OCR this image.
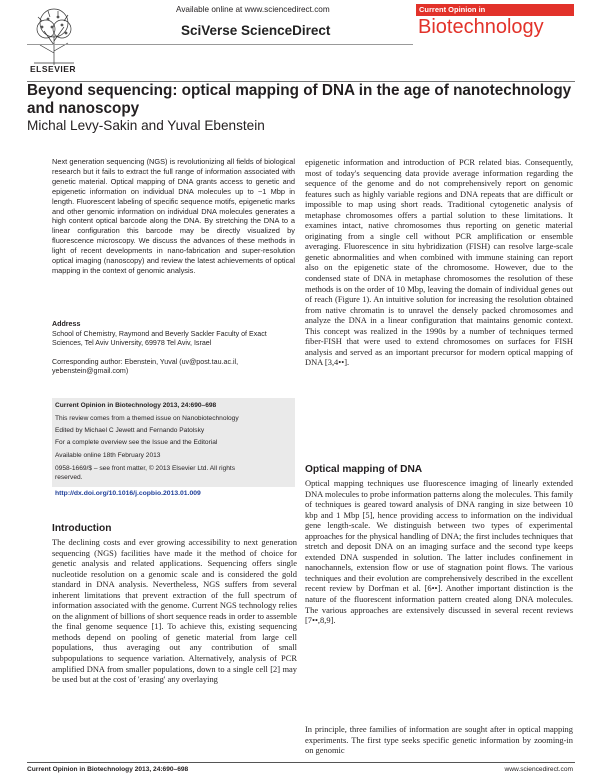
ELSEVIER
Available online at www.sciencedirect.com
SciVerse ScienceDirect
Current Opinion in
Biotechnology
Beyond sequencing: optical mapping of DNA in the age of nanotechnology and nanoscopy
Michal Levy-Sakin and Yuval Ebenstein
Next generation sequencing (NGS) is revolutionizing all fields of biological research but it fails to extract the full range of information associated with genetic material. Optical mapping of DNA grants access to genetic and epigenetic information on individual DNA molecules up to ~1 Mbp in length. Fluorescent labeling of specific sequence motifs, epigenetic marks and other genomic information on individual DNA molecules generates a high content optical barcode along the DNA. By stretching the DNA to a linear configuration this barcode may be directly visualized by fluorescence microscopy. We discuss the advances of these methods in light of recent developments in nano-fabrication and super-resolution optical imaging (nanoscopy) and review the latest achievements of optical mapping in the context of genomic analysis.
Address
School of Chemistry, Raymond and Beverly Sackler Faculty of Exact Sciences, Tel Aviv University, 69978 Tel Aviv, Israel
Corresponding author: Ebenstein, Yuval (uv@post.tau.ac.il, yebenstein@gmail.com)
Current Opinion in Biotechnology 2013, 24:690–698
This review comes from a themed issue on Nanobiotechnology
Edited by Michael C Jewett and Fernando Patolsky
For a complete overview see the Issue and the Editorial
Available online 18th February 2013
0958-1669/$ – see front matter, © 2013 Elsevier Ltd. All rights
reserved.
http://dx.doi.org/10.1016/j.copbio.2013.01.009
Introduction
The declining costs and ever growing accessibility to next generation sequencing (NGS) facilities have made it the method of choice for genetic analysis and related applications. Sequencing offers single nucleotide resolution on a genomic scale and is considered the gold standard in DNA analysis. Nevertheless, NGS suffers from several inherent limitations that prevent extraction of the full spectrum of information associated with the genome. Current NGS technology relies on the alignment of billions of short sequence reads in order to assemble the final genome sequence [1]. To achieve this, existing sequencing methods depend on pooling of genetic material from large cell populations, thus averaging out any contribution of small subpopulations to sequence variation. Alternatively, analysis of PCR amplified DNA from smaller populations, down to a single cell [2] may be used but at the cost of 'erasing' any overlaying
epigenetic information and introduction of PCR related bias. Consequently, most of today's sequencing data provide average information regarding the sequence of the genome and do not comprehensively report on genomic features such as highly variable regions and DNA repeats that are difficult or impossible to map using short reads. Traditional cytogenetic analysis of metaphase chromosomes offers a partial solution to these limitations. It examines intact, native chromosomes thus reporting on genetic material originating from a single cell without PCR amplification or ensemble averaging. Fluorescence in situ hybridization (FISH) can resolve large-scale genetic abnormalities and when combined with immune staining can report also on the epigenetic state of the chromosome. However, due to the condensed state of DNA in metaphase chromosomes the resolution of these methods is on the order of 10 Mbp, leaving the domain of individual genes out of reach (Figure 1). An intuitive solution for increasing the resolution obtained from native chromatin is to unravel the densely packed chromosomes and analyze the DNA in a linear configuration that maintains genomic context. This concept was realized in the 1990s by a number of techniques termed fiber-FISH that were used to extend chromosomes on surfaces for FISH analysis and served as an important precursor for modern optical mapping of DNA [3,4••].
Optical mapping of DNA
Optical mapping techniques use fluorescence imaging of linearly extended DNA molecules to probe information patterns along the molecules. This family of techniques is geared toward analysis of DNA ranging in size between 10 kbp and 1 Mbp [5], hence providing access to information on the individual gene length-scale. We distinguish between two types of experimental approaches for the physical handling of DNA; the first includes techniques that stretch and deposit DNA on an imaging surface and the second type keeps extended DNA suspended in solution. The latter includes confinement in nanochannels, extension flow or use of stagnation point flows. The various techniques and their evolution are comprehensively described in the excellent recent review by Dorfman et al. [6••]. Another important distinction is the nature of the fluorescent information pattern created along DNA molecules. The various approaches are extensively discussed in several recent reviews [7••,8,9].
In principle, three families of information are sought after in optical mapping experiments. The first type seeks specific genetic information by zooming-in on genomic
Current Opinion in Biotechnology 2013, 24:690–698	www.sciencedirect.com
